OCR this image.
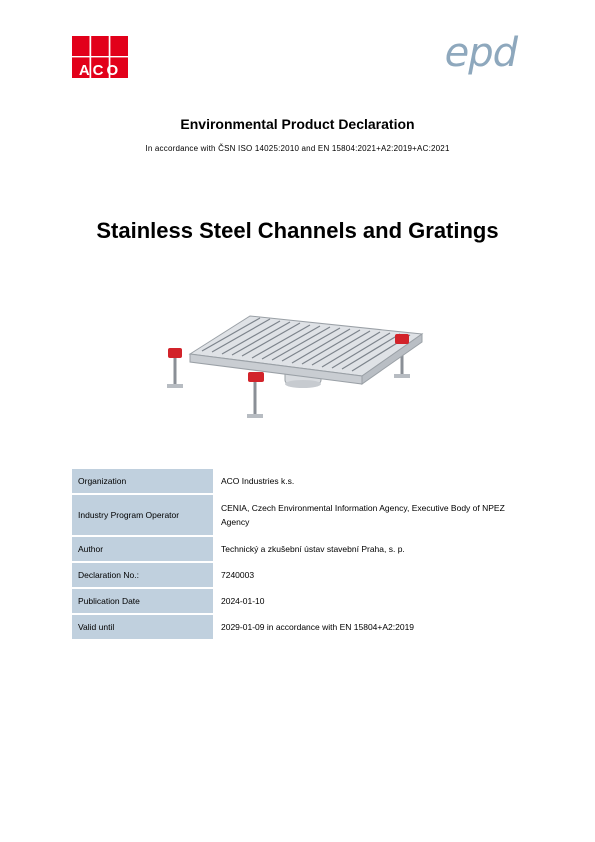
ACO	epd
Environmental Product Declaration
In accordance with ČSN ISO 14025:2010 and EN 15804:2021+A2:2019+AC:2021
Stainless Steel Channels and Gratings
Organization	ACO Industries k.s.
Industry Program Operator	CENIA, Czech Environmental Information Agency, Executive Body of NPEZ Agency
Author	Technický a zkušební ústav stavební Praha, s. p.
Declaration No.:	7240003
Publication Date	2024-01-10
Valid until	2029-01-09 in accordance with EN 15804+A2:2019
